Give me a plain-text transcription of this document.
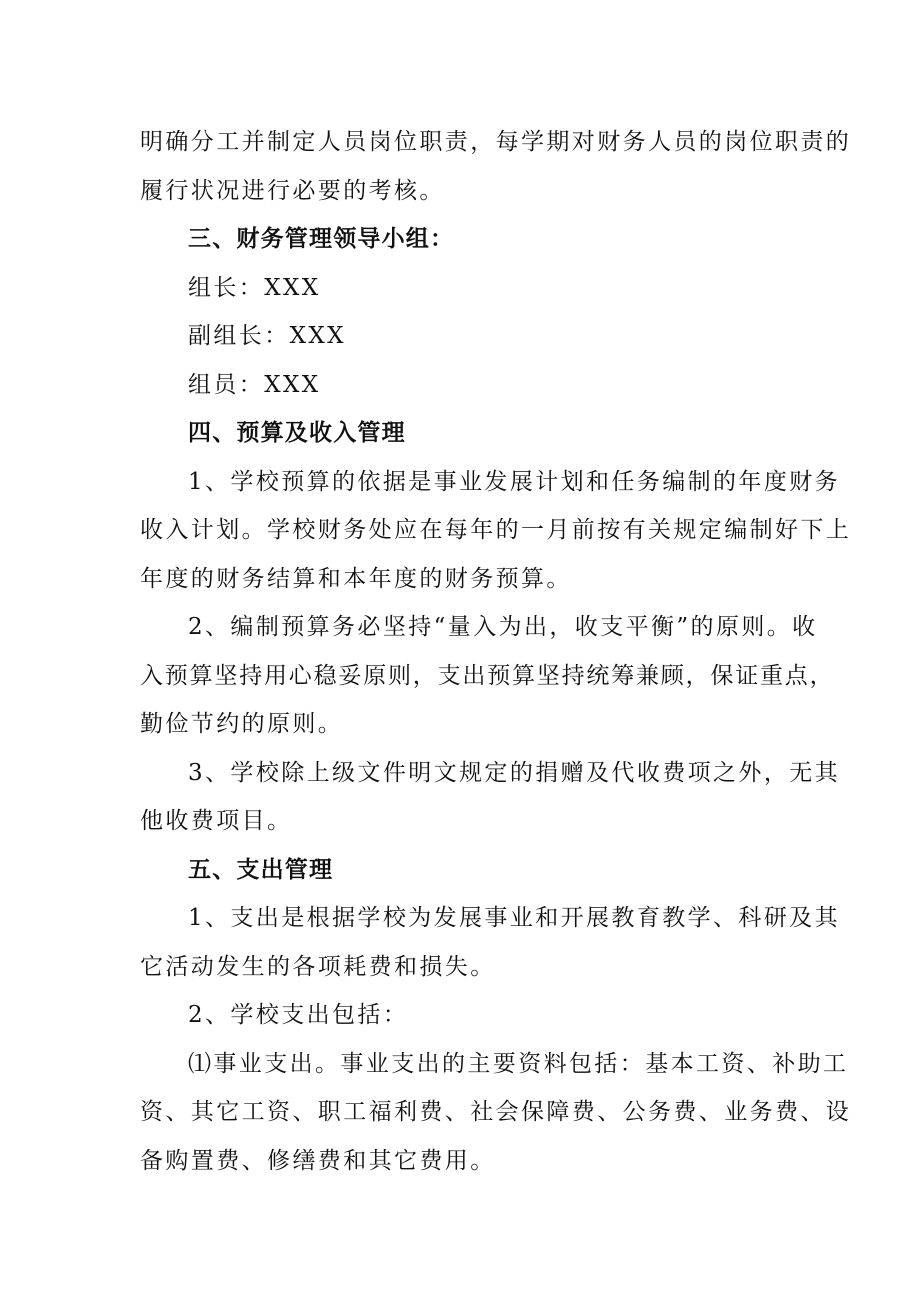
明确分工并制定人员岗位职责，每学期对财务人员的岗位职责的
履行状况进行必要的考核。
三、财务管理领导小组：
组长：XXX
副组长：XXX
组员：XXX
四、预算及收入管理
1、学校预算的依据是事业发展计划和任务编制的年度财务
收入计划。学校财务处应在每年的一月前按有关规定编制好下上
年度的财务结算和本年度的财务预算。
2、编制预算务必坚持“量入为出，收支平衡”的原则。收
入预算坚持用心稳妥原则，支出预算坚持统筹兼顾，保证重点，
勤俭节约的原则。
3、学校除上级文件明文规定的捐赠及代收费项之外，无其
他收费项目。
五、支出管理
1、支出是根据学校为发展事业和开展教育教学、科研及其
它活动发生的各项耗费和损失。
2、学校支出包括：
⑴事业支出。事业支出的主要资料包括：基本工资、补助工
资、其它工资、职工福利费、社会保障费、公务费、业务费、设
备购置费、修缮费和其它费用。
